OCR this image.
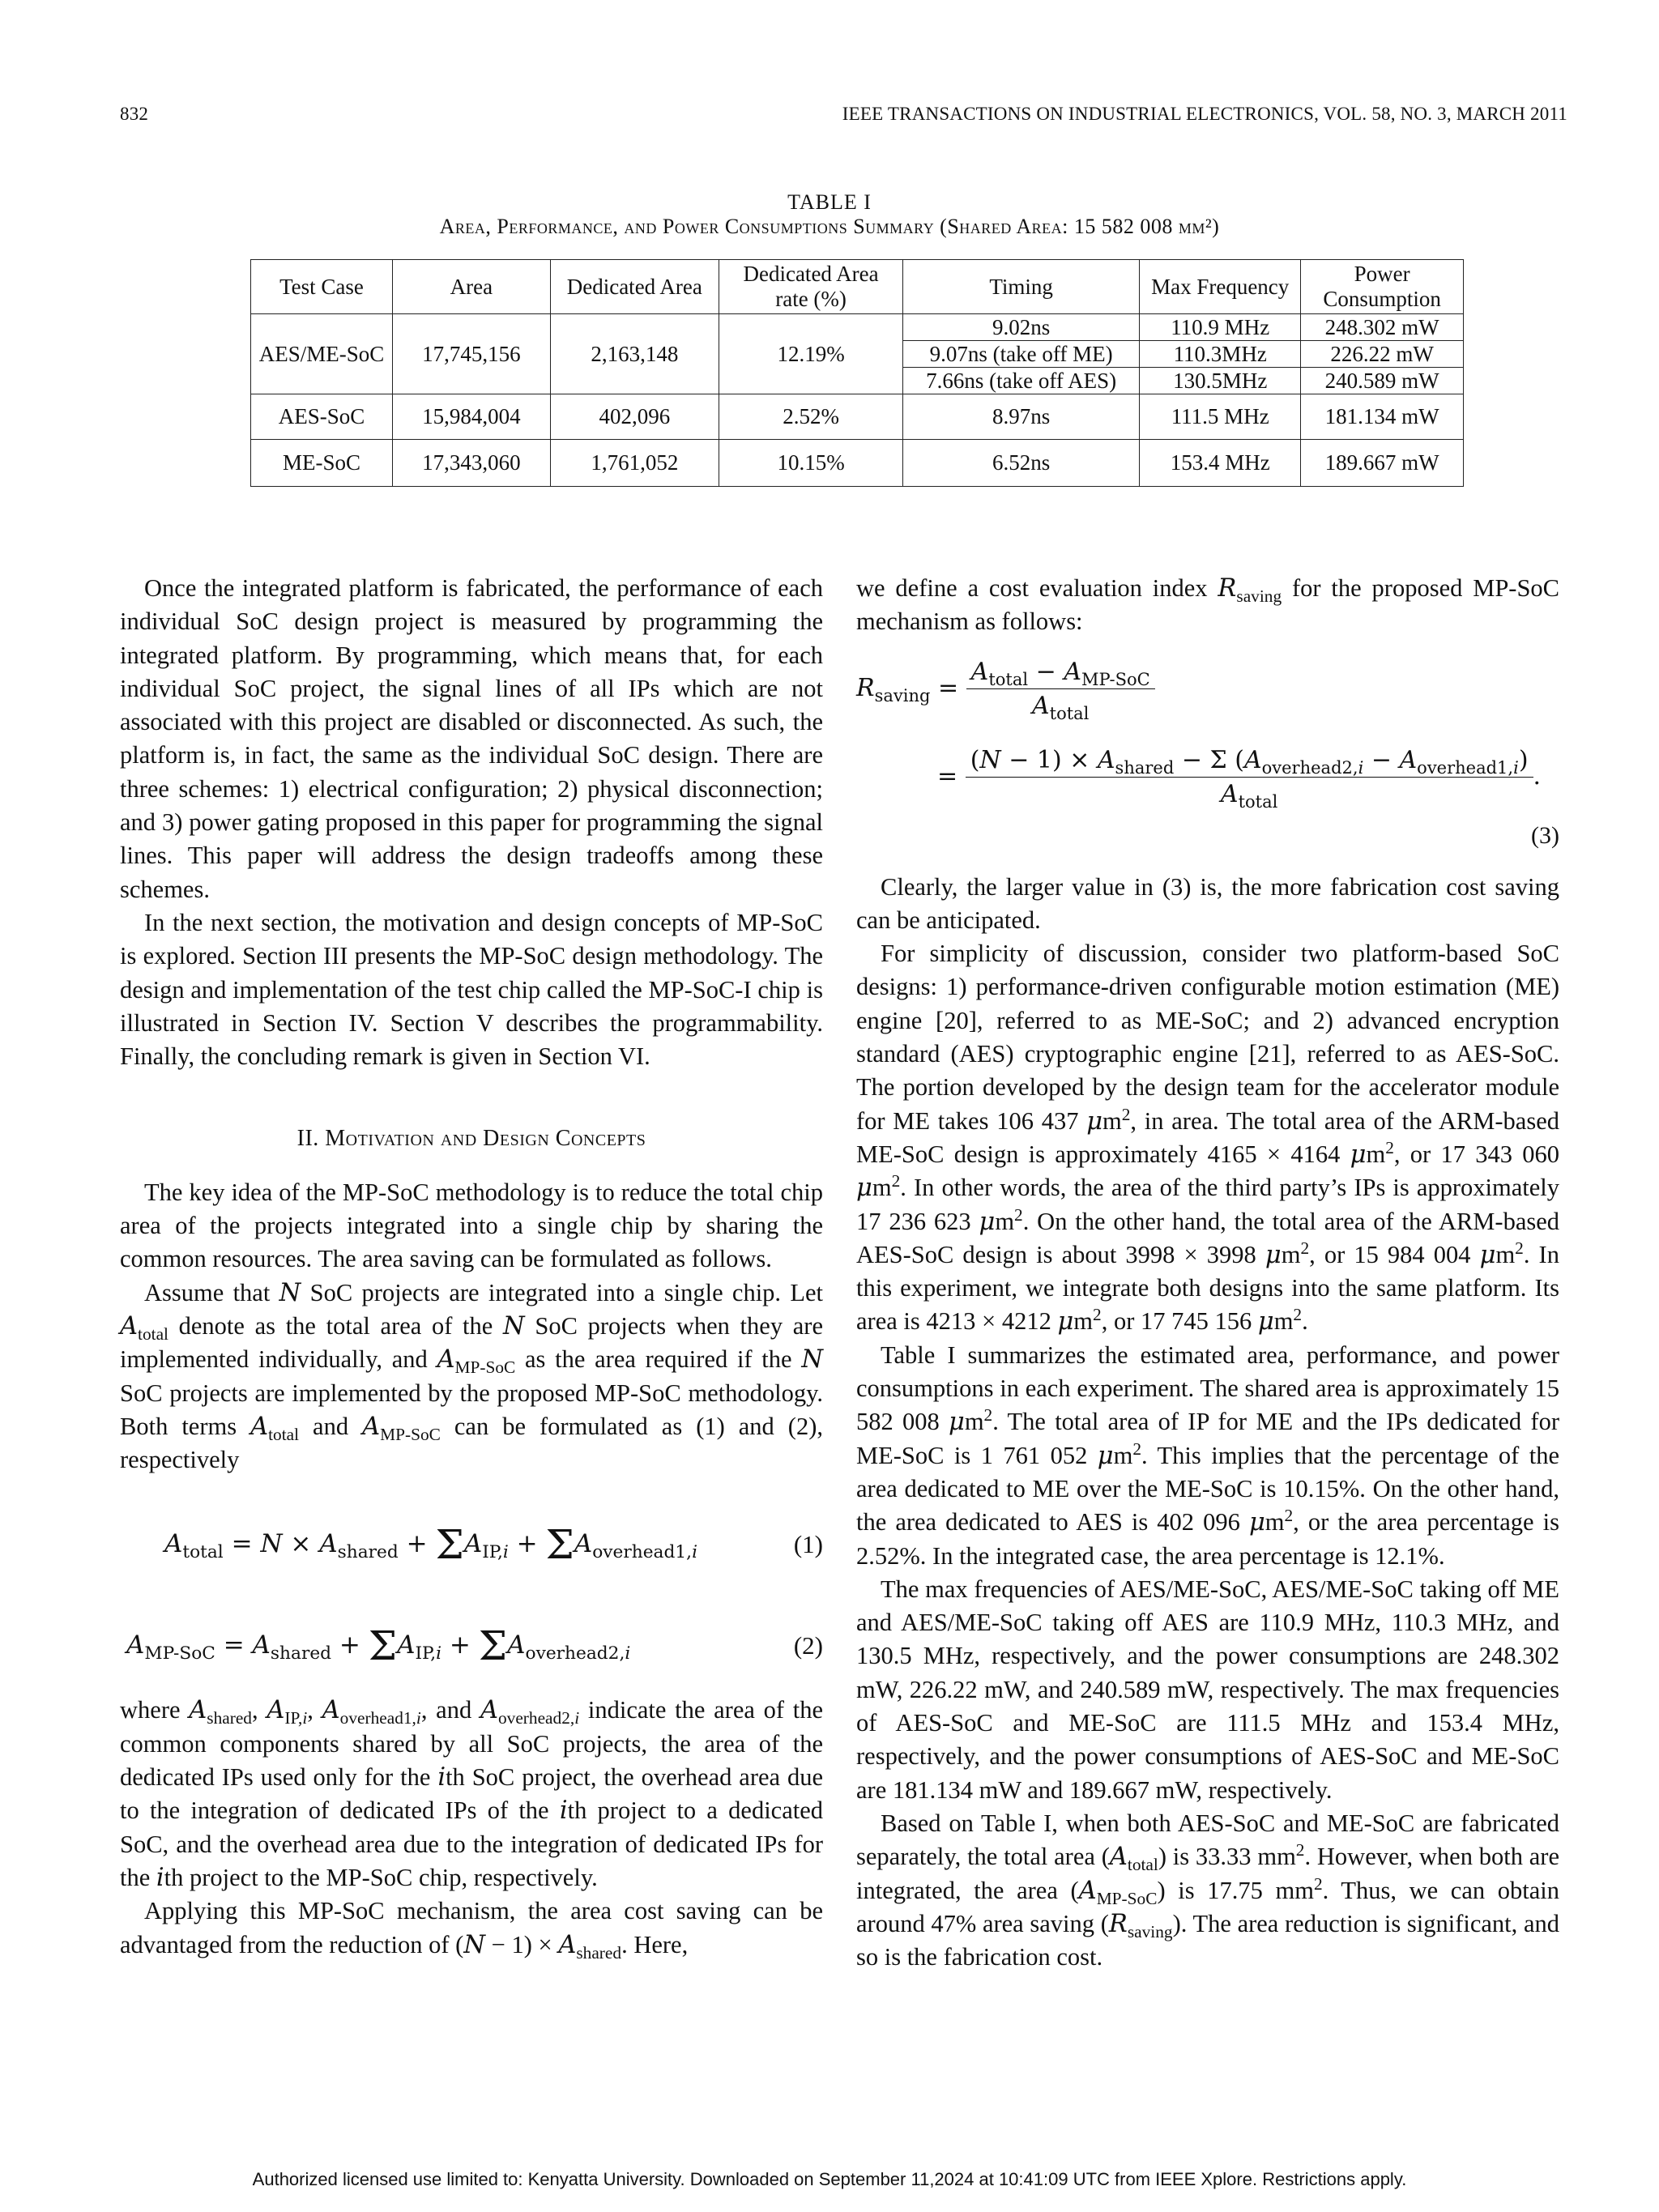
832	IEEE TRANSACTIONS ON INDUSTRIAL ELECTRONICS, VOL. 58, NO. 3, MARCH 2011
TABLE I
Area, Performance, and Power Consumptions Summary (Shared Area: 15 582 008 μm²)
Test Case	Area	Dedicated Area	Dedicated Area rate (%)	Timing	Max Frequency	Power Consumption
AES/ME-SoC	17,745,156	2,163,148	12.19%	9.02ns	110.9 MHz	248.302 mW
				9.07ns (take off ME)	110.3MHz	226.22 mW
				7.66ns (take off AES)	130.5MHz	240.589 mW
AES-SoC	15,984,004	402,096	2.52%	8.97ns	111.5 MHz	181.134 mW
ME-SoC	17,343,060	1,761,052	10.15%	6.52ns	153.4 MHz	189.667 mW

Once the integrated platform is fabricated, the performance of each individual SoC design project is measured by programming the integrated platform. By programming, which means that, for each individual SoC project, the signal lines of all IPs which are not associated with this project are disabled or disconnected. As such, the platform is, in fact, the same as the individual SoC design. There are three schemes: 1) electrical configuration; 2) physical disconnection; and 3) power gating proposed in this paper for programming the signal lines. This paper will address the design tradeoffs among these schemes.

In the next section, the motivation and design concepts of MP-SoC is explored. Section III presents the MP-SoC design methodology. The design and implementation of the test chip called the MP-SoC-I chip is illustrated in Section IV. Section V describes the programmability. Finally, the concluding remark is given in Section VI.

II. Motivation and Design Concepts

The key idea of the MP-SoC methodology is to reduce the total chip area of the projects integrated into a single chip by sharing the common resources. The area saving can be formulated as follows.

Assume that N SoC projects are integrated into a single chip. Let $A_{total}$ denote as the total area of the N SoC projects when they are implemented individually, and $A_{MP-SoC}$ as the area required if the N SoC projects are implemented by the proposed MP-SoC methodology. Both terms $A_{total}$ and $A_{MP-SoC}$ can be formulated as (1) and (2), respectively

$A_{total} = N \times A_{shared} + \Sigma A_{IP,i} + \Sigma A_{overhead1,i}$	(1)
$A_{MP-SoC} = A_{shared} + \Sigma A_{IP,i} + \Sigma A_{overhead2,i}$	(2)

where $A_{shared}$, $A_{IP,i}$, $A_{overhead1,i}$, and $A_{overhead2,i}$ indicate the area of the common components shared by all SoC projects, the area of the dedicated IPs used only for the ith SoC project, the overhead area due to the integration of dedicated IPs of the ith project to a dedicated SoC, and the overhead area due to the integration of dedicated IPs for the ith project to the MP-SoC chip, respectively.

Applying this MP-SoC mechanism, the area cost saving can be advantaged from the reduction of $(N - 1) \times A_{shared}$. Here,

we define a cost evaluation index $R_{saving}$ for the proposed MP-SoC mechanism as follows:

$R_{saving} = \frac{A_{total} - A_{MP-SoC}}{A_{total}}$
= $\frac{(N - 1) \times A_{shared} - \Sigma (A_{overhead2,i} - A_{overhead1,i})}{A_{total}}$ .
(3)

Clearly, the larger value in (3) is, the more fabrication cost saving can be anticipated.

For simplicity of discussion, consider two platform-based SoC designs: 1) performance-driven configurable motion estimation (ME) engine [20], referred to as ME-SoC; and 2) advanced encryption standard (AES) cryptographic engine [21], referred to as AES-SoC. The portion developed by the design team for the accelerator module for ME takes 106 437 $\mu m^2$, in area. The total area of the ARM-based ME-SoC design is approximately 4165 × 4164 $\mu m^2$, or 17 343 060 $\mu m^2$. In other words, the area of the third party’s IPs is approximately 17 236 623 $\mu m^2$. On the other hand, the total area of the ARM-based AES-SoC design is about 3998 × 3998 $\mu m^2$, or 15 984 004 $\mu m^2$. In this experiment, we integrate both designs into the same platform. Its area is 4213 × 4212 $\mu m^2$, or 17 745 156 $\mu m^2$.

Table I summarizes the estimated area, performance, and power consumptions in each experiment. The shared area is approximately 15 582 008 $\mu m^2$. The total area of IP for ME and the IPs dedicated for ME-SoC is 1 761 052 $\mu m^2$. This implies that the percentage of the area dedicated to ME over the ME-SoC is 10.15%. On the other hand, the area dedicated to AES is 402 096 $\mu m^2$, or the area percentage is 2.52%. In the integrated case, the area percentage is 12.1%.

The max frequencies of AES/ME-SoC, AES/ME-SoC taking off ME and AES/ME-SoC taking off AES are 110.9 MHz, 110.3 MHz, and 130.5 MHz, respectively, and the power consumptions are 248.302 mW, 226.22 mW, and 240.589 mW, respectively. The max frequencies of AES-SoC and ME-SoC are 111.5 MHz and 153.4 MHz, respectively, and the power consumptions of AES-SoC and ME-SoC are 181.134 mW and 189.667 mW, respectively.

Based on Table I, when both AES-SoC and ME-SoC are fabricated separately, the total area $(A_{total})$ is 33.33 $mm^2$. However, when both are integrated, the area $(A_{MP-SoC})$ is 17.75 $mm^2$. Thus, we can obtain around 47% area saving $(R_{saving})$. The area reduction is significant, and so is the fabrication cost.

Authorized licensed use limited to: Kenyatta University. Downloaded on September 11,2024 at 10:41:09 UTC from IEEE Xplore. Restrictions apply.
